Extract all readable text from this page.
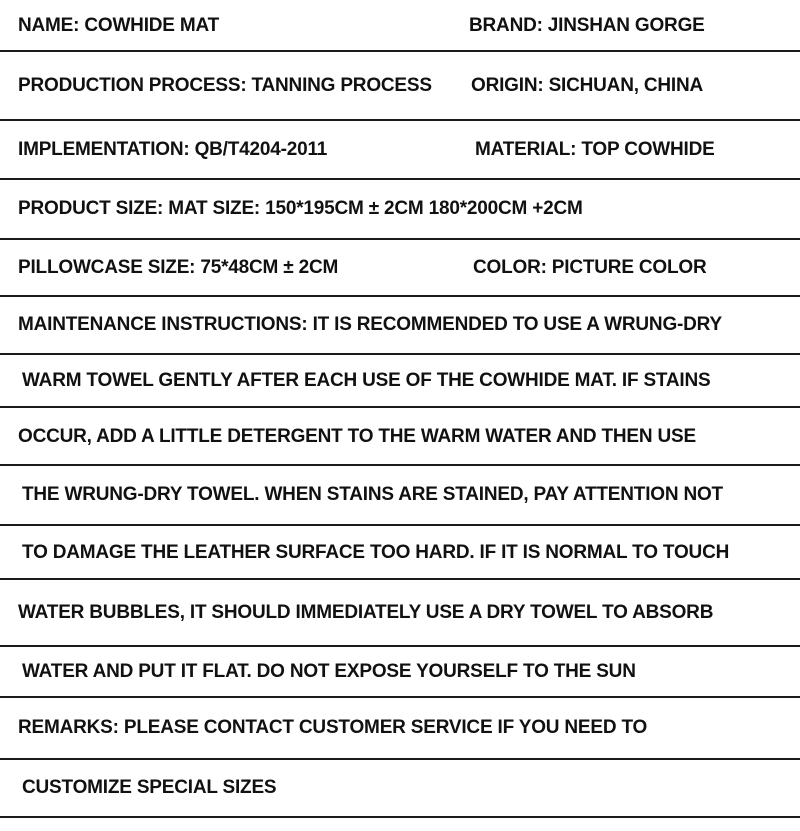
NAME: COWHIDE MAT	BRAND: JINSHAN GORGE
PRODUCTION PROCESS: TANNING PROCESS ORIGIN: SICHUAN, CHINA
IMPLEMENTATION: QB/T4204-2011	MATERIAL: TOP COWHIDE
PRODUCT SIZE: MAT SIZE: 150*195CM ± 2CM 180*200CM +2CM
PILLOWCASE SIZE: 75*48CM ± 2CM	COLOR: PICTURE COLOR
MAINTENANCE INSTRUCTIONS: IT IS RECOMMENDED TO USE A WRUNG-DRY
WARM TOWEL GENTLY AFTER EACH USE OF THE COWHIDE MAT. IF STAINS
OCCUR, ADD A LITTLE DETERGENT TO THE WARM WATER AND THEN USE
THE WRUNG-DRY TOWEL. WHEN STAINS ARE STAINED, PAY ATTENTION NOT
TO DAMAGE THE LEATHER SURFACE TOO HARD. IF IT IS NORMAL TO TOUCH
WATER BUBBLES, IT SHOULD IMMEDIATELY USE A DRY TOWEL TO ABSORB
WATER AND PUT IT FLAT. DO NOT EXPOSE YOURSELF TO THE SUN
REMARKS: PLEASE CONTACT CUSTOMER SERVICE IF YOU NEED TO
CUSTOMIZE SPECIAL SIZES
